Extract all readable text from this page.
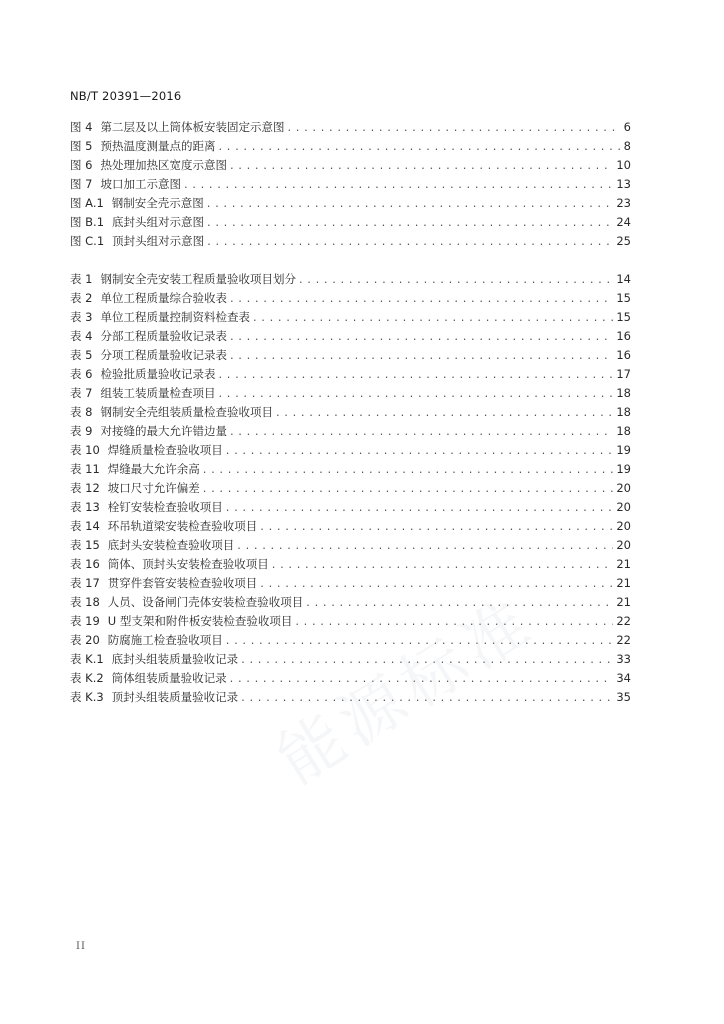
NB/T 20391—2016
图 4 第二层及以上筒体板安装固定示意图 . . .	6
图 5 预热温度测量点的距离 . . .	8
图 6 热处理加热区宽度示意图 . . .	10
图 7 坡口加工示意图 . . .	13
图 A.1 钢制安全壳示意图 . . .	23
图 B.1 底封头组对示意图 . . .	24
图 C.1 顶封头组对示意图 . . .	25
表 1 钢制安全壳安装工程质量验收项目划分 . . .	14
表 2 单位工程质量综合验收表 . . .	15
表 3 单位工程质量控制资料检查表 . . .	15
表 4 分部工程质量验收记录表 . . .	16
表 5 分项工程质量验收记录表 . . .	16
表 6 检验批质量验收记录表 . . .	17
表 7 组装工装质量检查项目 . . .	18
表 8 钢制安全壳组装质量检查验收项目 . . .	18
表 9 对接缝的最大允许错边量 . . .	18
表 10 焊缝质量检查验收项目 . . .	19
表 11 焊缝最大允许余高 . . .	19
表 12 坡口尺寸允许偏差 . . .	20
表 13 栓钉安装检查验收项目 . . .	20
表 14 环吊轨道梁安装检查验收项目 . . .	20
表 15 底封头安装检查验收项目 . . .	20
表 16 筒体、顶封头安装检查验收项目 . . .	21
表 17 贯穿件套管安装检查验收项目 . . .	21
表 18 人员、设备闸门壳体安装检查验收项目 . . .	21
表 19 U 型支架和附件板安装检查验收项目 . . .	22
表 20 防腐施工检查验收项目 . . .	22
表 K.1 底封头组装质量验收记录 . . .	33
表 K.2 筒体组装质量验收记录 . . .	34
表 K.3 顶封头组装质量验收记录 . . .	35
能源标准
II
